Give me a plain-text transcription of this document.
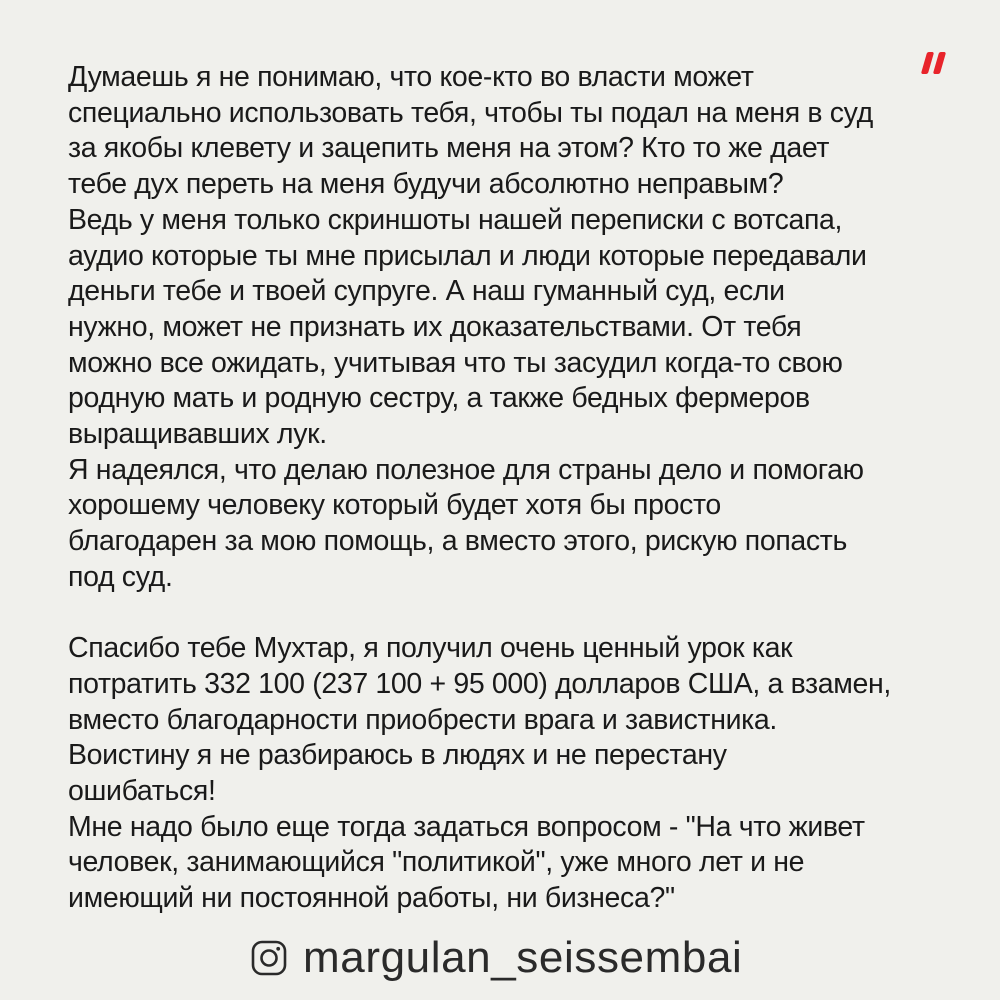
Думаешь я не понимаю, что кое-кто во власти может
специально использовать тебя, чтобы ты подал на меня в суд
за якобы клевету и зацепить меня на этом? Кто то же дает
тебе дух переть на меня будучи абсолютно неправым?
Ведь у меня только скриншоты нашей переписки с вотсапа,
аудио которые ты мне присылал и люди которые передавали
деньги тебе и твоей супруге. А наш гуманный суд, если
нужно, может не признать их доказательствами. От тебя
можно все ожидать, учитывая что ты засудил когда-то свою
родную мать и родную сестру, а также бедных фермеров
выращивавших лук.
Я надеялся, что делаю полезное для страны дело и помогаю
хорошему человеку который будет хотя бы просто
благодарен за мою помощь, а вместо этого, рискую попасть
под суд.
Спасибо тебе Мухтар, я получил очень ценный урок как
потратить 332 100 (237 100 + 95 000) долларов США, а взамен,
вместо благодарности приобрести врага и завистника.
Воистину я не разбираюсь в людях и не перестану
ошибаться!
Мне надо было еще тогда задаться вопросом - "На что живет
человек, занимающийся "политикой", уже много лет и не
имеющий ни постоянной работы, ни бизнеса?"
margulan_seissembai
